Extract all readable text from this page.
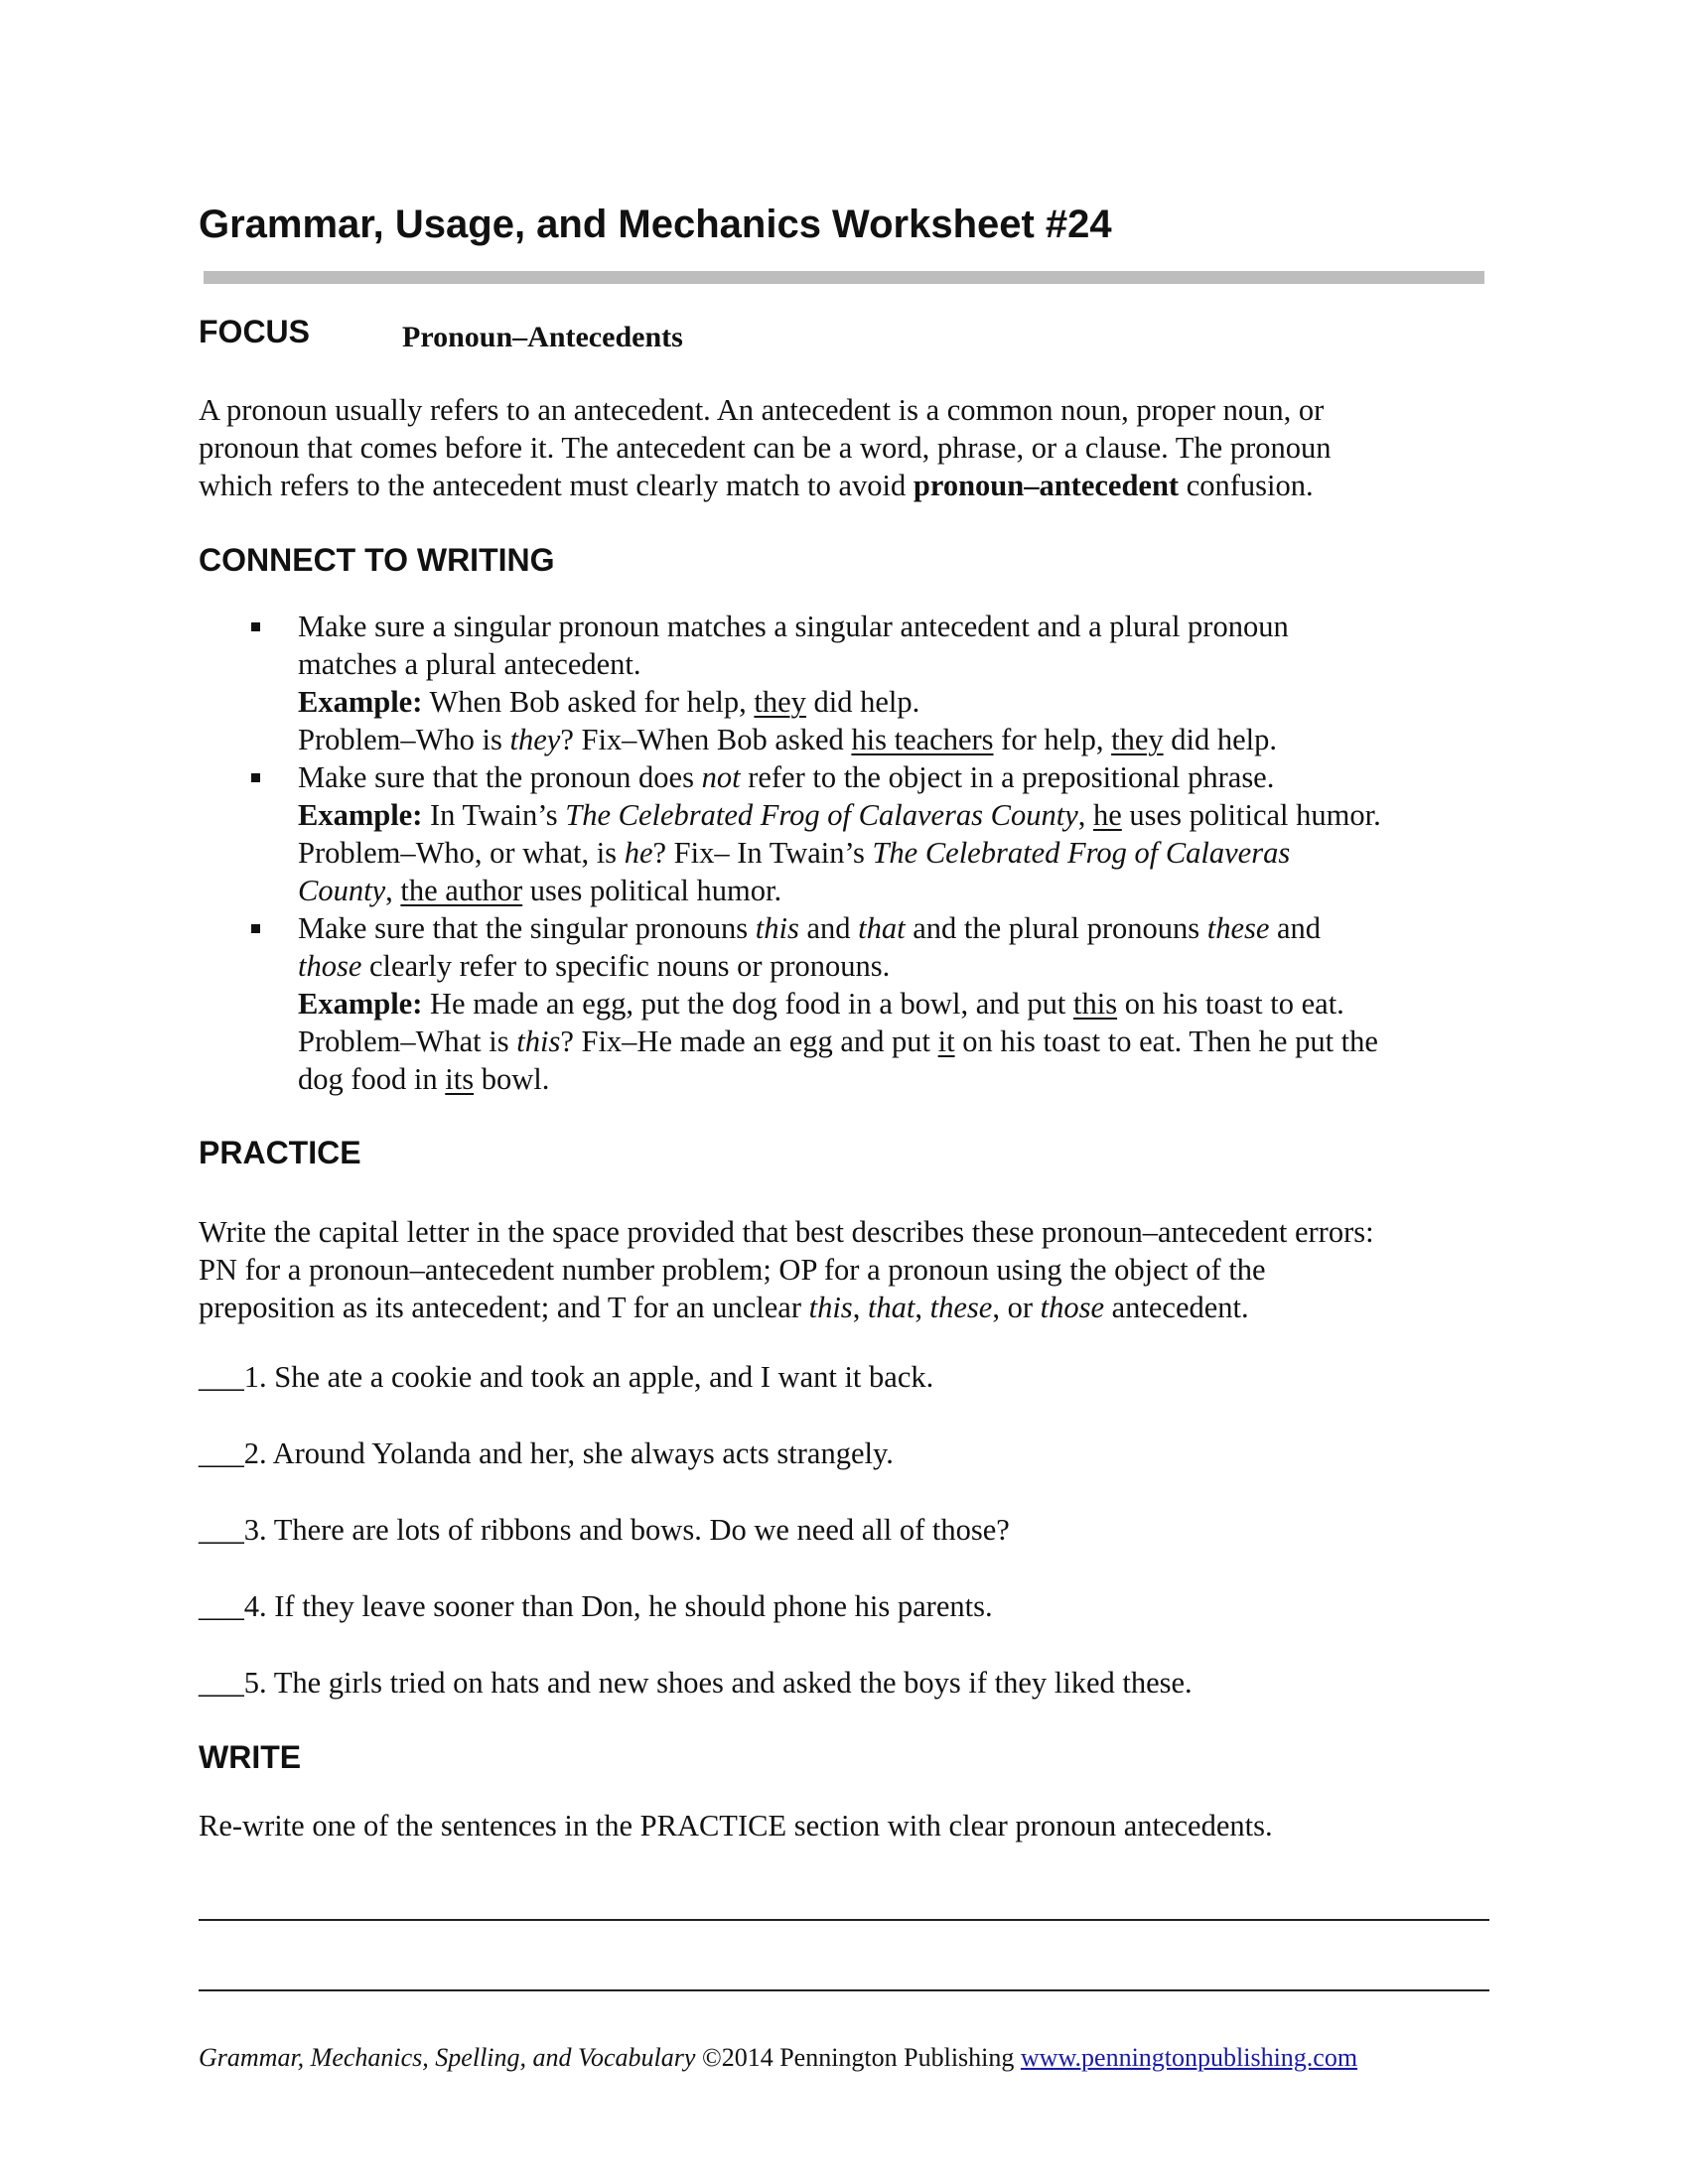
Grammar, Usage, and Mechanics Worksheet #24
FOCUS	Pronoun–Antecedents

A pronoun usually refers to an antecedent. An antecedent is a common noun, proper noun, or

pronoun that comes before it. The antecedent can be a word, phrase, or a clause. The pronoun

which refers to the antecedent must clearly match to avoid pronoun–antecedent confusion.

CONNECT TO WRITING
Make sure a singular pronoun matches a singular antecedent and a plural pronoun
matches a plural antecedent.
Example: When Bob asked for help, they did help.
Problem–Who is they? Fix–When Bob asked his teachers for help, they did help.
Make sure that the pronoun does not refer to the object in a prepositional phrase.
Example: In Twain’s The Celebrated Frog of Calaveras County, he uses political humor.
Problem–Who, or what, is he? Fix– In Twain’s The Celebrated Frog of Calaveras
County, the author uses political humor.
Make sure that the singular pronouns this and that and the plural pronouns these and
those clearly refer to specific nouns or pronouns.
Example: He made an egg, put the dog food in a bowl, and put this on his toast to eat.
Problem–What is this? Fix–He made an egg and put it on his toast to eat. Then he put the
dog food in its bowl.
PRACTICE

Write the capital letter in the space provided that best describes these pronoun–antecedent errors:

PN for a pronoun–antecedent number problem; OP for a pronoun using the object of the

preposition as its antecedent; and T for an unclear this, that, these, or those antecedent.

___1. She ate a cookie and took an apple, and I want it back.
___2. Around Yolanda and her, she always acts strangely.
___3. There are lots of ribbons and bows. Do we need all of those?
___4. If they leave sooner than Don, he should phone his parents.
___5. The girls tried on hats and new shoes and asked the boys if they liked these.
WRITE

Re-write one of the sentences in the PRACTICE section with clear pronoun antecedents.

Grammar, Mechanics, Spelling, and Vocabulary ©2014 Pennington Publishing www.penningtonpublishing.com
